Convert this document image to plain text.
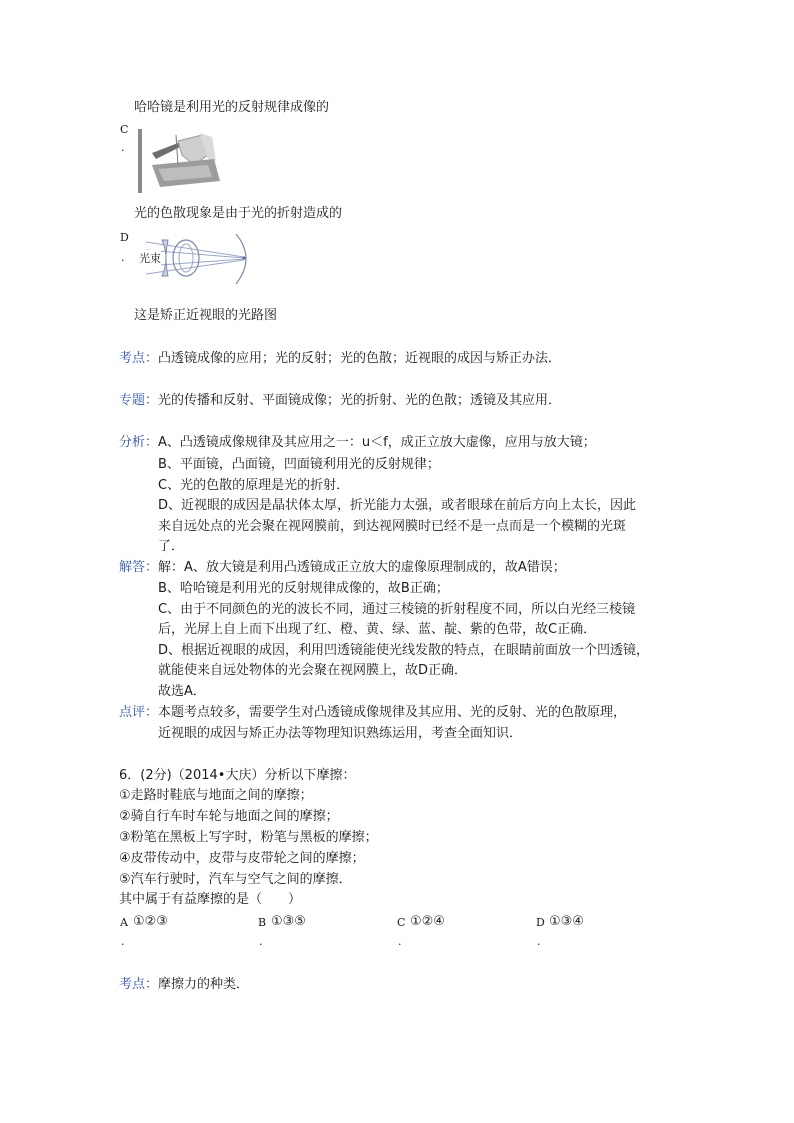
哈哈镜是利用光的反射规律成像的
C
.
光的色散现象是由于光的折射造成的
D
. 光束
这是矫正近视眼的光路图
考点： 凸透镜成像的应用；光的反射；光的色散；近视眼的成因与矫正办法．
专题： 光的传播和反射、平面镜成像；光的折射、光的色散；透镜及其应用．
分析： A、凸透镜成像规律及其应用之一：u＜f，成正立放大虚像，应用与放大镜；
B、平面镜，凸面镜，凹面镜利用光的反射规律；
C、光的色散的原理是光的折射．
D、近视眼的成因是晶状体太厚，折光能力太强，或者眼球在前后方向上太长，因此
来自远处点的光会聚在视网膜前，到达视网膜时已经不是一点而是一个模糊的光斑
了．
解答： 解：A、放大镜是利用凸透镜成正立放大的虚像原理制成的，故A错误；
B、哈哈镜是利用光的反射规律成像的，故B正确；
C、由于不同颜色的光的波长不同，通过三棱镜的折射程度不同，所以白光经三棱镜
后，光屏上自上而下出现了红、橙、黄、绿、蓝、靛、紫的色带，故C正确．
D、根据近视眼的成因，利用凹透镜能使光线发散的特点，在眼睛前面放一个凹透镜，
就能使来自远处物体的光会聚在视网膜上，故D正确．
故选A．
点评： 本题考点较多，需要学生对凸透镜成像规律及其应用、光的反射、光的色散原理，
近视眼的成因与矫正办法等物理知识熟练运用，考查全面知识．
6．(2分)（2014•大庆）分析以下摩擦：
①走路时鞋底与地面之间的摩擦；
②骑自行车时车轮与地面之间的摩擦；
③粉笔在黑板上写字时，粉笔与黑板的摩擦；
④皮带传动中，皮带与皮带轮之间的摩擦；
⑤汽车行驶时，汽车与空气之间的摩擦．
其中属于有益摩擦的是（　　）
A ①②③
.
B ①③⑤
.
C ①②④
.
D ①③④
.
考点： 摩擦力的种类．
